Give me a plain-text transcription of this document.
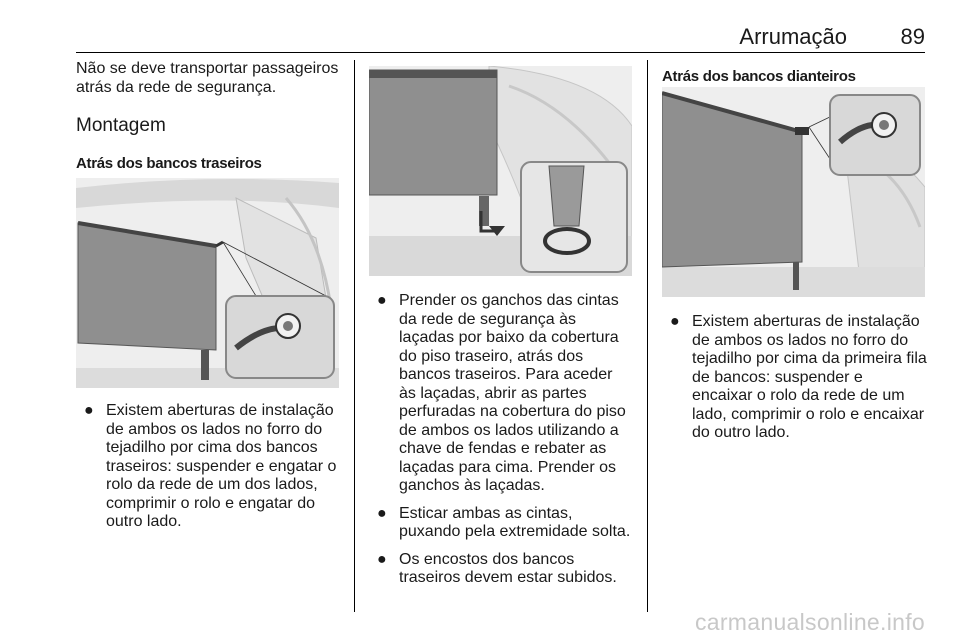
Arrumação 89

Não se deve transportar passageiros atrás da rede de segurança.

Montagem
Atrás dos bancos traseiros
● Existem aberturas de instalação de ambos os lados no forro do tejadilho por cima dos bancos traseiros: suspender e engatar o rolo da rede de um dos lados, comprimir o rolo e engatar do outro lado.
● Prender os ganchos das cintas da rede de segurança às laçadas por baixo da cobertura do piso traseiro, atrás dos bancos traseiros. Para aceder às laçadas, abrir as partes perfuradas na cobertura do piso de ambos os lados utilizando a chave de fendas e rebater as laçadas para cima. Prender os ganchos às laçadas.
● Esticar ambas as cintas, puxando pela extremidade solta.
● Os encostos dos bancos traseiros devem estar subidos.
Atrás dos bancos dianteiros
● Existem aberturas de instalação de ambos os lados no forro do tejadilho por cima da primeira fila de bancos: suspender e encaixar o rolo da rede de um lado, comprimir o rolo e encaixar do outro lado.
carmanualsonline.info
